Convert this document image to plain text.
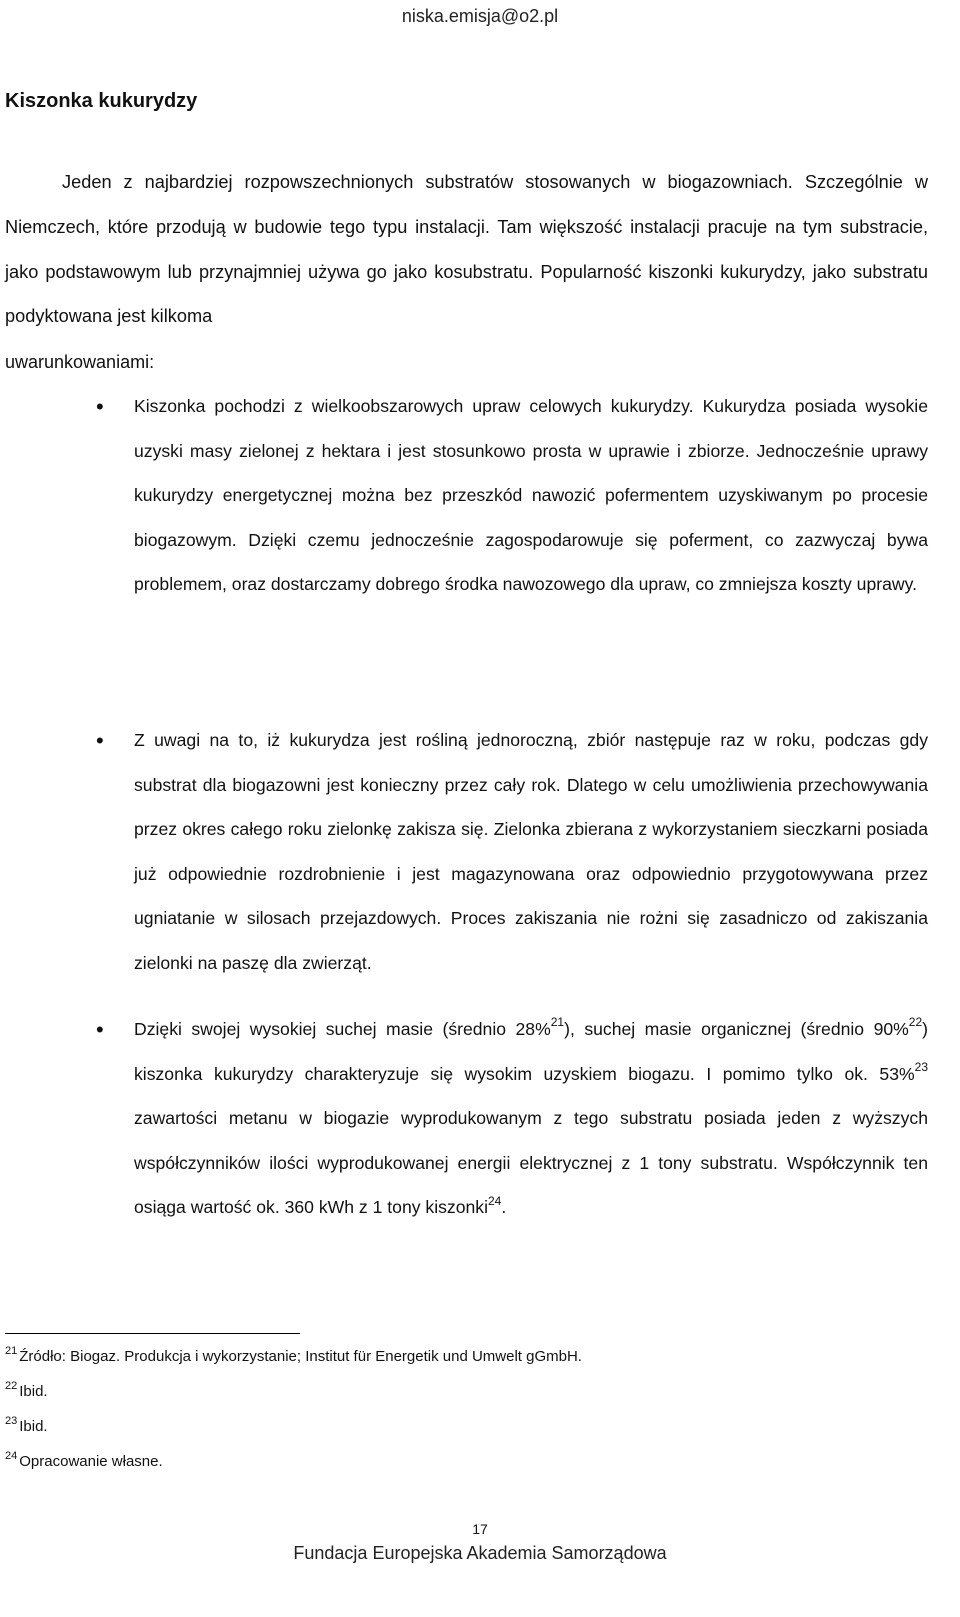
niska.emisja@o2.pl
Kiszonka kukurydzy

Jeden z najbardziej rozpowszechnionych substratów stosowanych w biogazowniach. Szczególnie w Niemczech, które przodują w budowie tego typu instalacji. Tam większość instalacji pracuje na tym substracie, jako podstawowym lub przynajmniej używa go jako kosubstratu. Popularność kiszonki kukurydzy, jako substratu podyktowana jest kilkoma

uwarunkowaniami:
• Kiszonka pochodzi z wielkoobszarowych upraw celowych kukurydzy. Kukurydza posiada wysokie uzyski masy zielonej z hektara i jest stosunkowo prosta w uprawie i zbiorze. Jednocześnie uprawy kukurydzy energetycznej można bez przeszkód nawozić pofermentem uzyskiwanym po procesie biogazowym. Dzięki czemu jednocześnie zagospodarowuje się poferment, co zazwyczaj bywa problemem, oraz dostarczamy dobrego środka nawozowego dla upraw, co zmniejsza koszty uprawy.

• Z uwagi na to, iż kukurydza jest rośliną jednoroczną, zbiór następuje raz w roku, podczas gdy substrat dla biogazowni jest konieczny przez cały rok. Dlatego w celu umożliwienia przechowywania przez okres całego roku zielonkę zakisza się. Zielonka zbierana z wykorzystaniem sieczkarni posiada już odpowiednie rozdrobnienie i jest magazynowana oraz odpowiednio przygotowywana przez ugniatanie w silosach przejazdowych. Proces zakiszania nie rożni się zasadniczo od zakiszania zielonki na paszę dla zwierząt.

• Dzięki swojej wysokiej suchej masie (średnio 28%$^{21}$), suchej masie organicznej (średnio 90%$^{22}$) kiszonka kukurydzy charakteryzuje się wysokim uzyskiem biogazu. I pomimo tylko ok. 53%$^{23}$ zawartości metanu w biogazie wyprodukowanym z tego substratu posiada jeden z wyższych współczynników ilości wyprodukowanej energii elektrycznej z 1 tony substratu. Współczynnik ten osiąga wartość ok. 360 kWh z 1 tony kiszonki$^{24}$.

$^{21}$ Źródło: Biogaz. Produkcja i wykorzystanie; Institut für Energetik und Umwelt gGmbH.
$^{22}$ Ibid.
$^{23}$ Ibid.
$^{24}$ Opracowanie własne.
17
Fundacja Europejska Akademia Samorządowa
